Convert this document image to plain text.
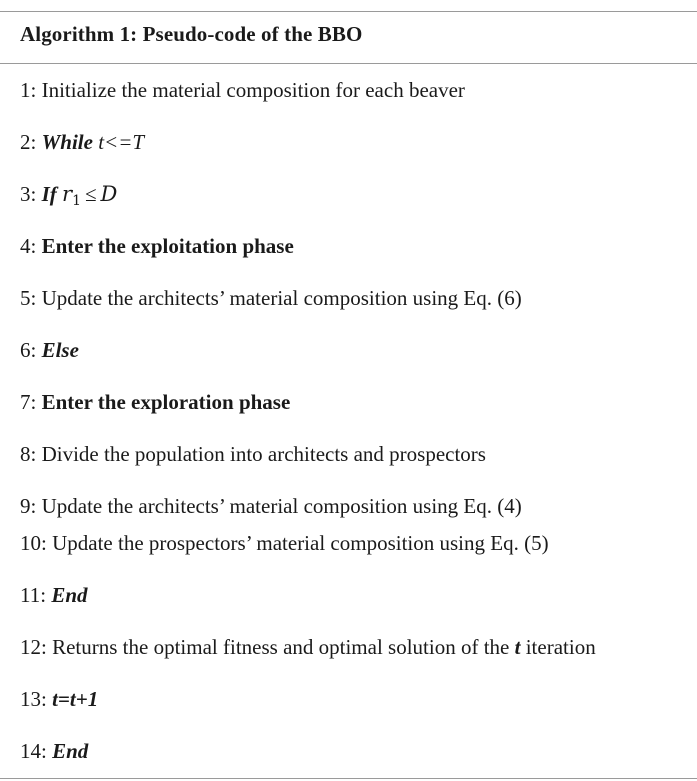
Algorithm 1: Pseudo-code of the BBO
1: Initialize the material composition for each beaver
2: While t<=T
3: If $r_1 \le D$
4: Enter the exploitation phase
5: Update the architects’ material composition using Eq. (6)
6: Else
7: Enter the exploration phase
8: Divide the population into architects and prospectors
9: Update the architects’ material composition using Eq. (4)
10: Update the prospectors’ material composition using Eq. (5)
11: End
12: Returns the optimal fitness and optimal solution of the t iteration
13: t=t+1
14: End
